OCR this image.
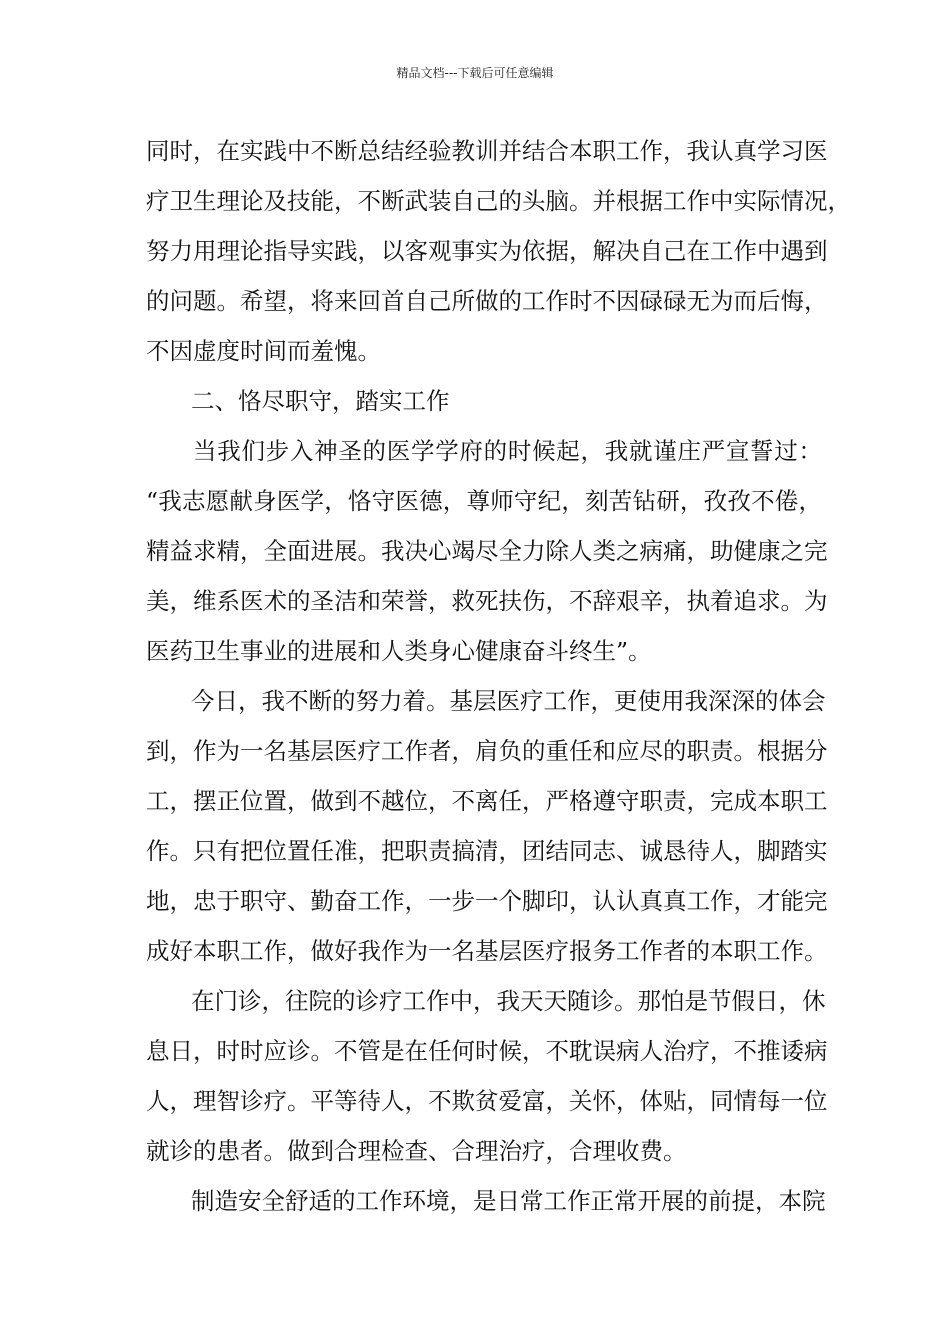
精品文档---下载后可任意编辑
同时，在实践中不断总结经验教训并结合本职工作，我认真学习医
疗卫生理论及技能，不断武装自己的头脑。并根据工作中实际情况，
努力用理论指导实践，以客观事实为依据，解决自己在工作中遇到
的问题。希望，将来回首自己所做的工作时不因碌碌无为而后悔，
不因虚度时间而羞愧。
二、恪尽职守，踏实工作
当我们步入神圣的医学学府的时候起，我就谨庄严宣誓过：
“我志愿献身医学，恪守医德，尊师守纪，刻苦钻研，孜孜不倦，
精益求精，全面进展。我决心竭尽全力除人类之病痛，助健康之完
美，维系医术的圣洁和荣誉，救死扶伤，不辞艰辛，执着追求。为
医药卫生事业的进展和人类身心健康奋斗终生”。
今日，我不断的努力着。基层医疗工作，更使用我深深的体会
到，作为一名基层医疗工作者，肩负的重任和应尽的职责。根据分
工，摆正位置，做到不越位，不离任，严格遵守职责，完成本职工
作。只有把位置任准，把职责搞清，团结同志、诚恳待人，脚踏实
地，忠于职守、勤奋工作，一步一个脚印，认认真真工作，才能完
成好本职工作，做好我作为一名基层医疗报务工作者的本职工作。
在门诊，往院的诊疗工作中，我天天随诊。那怕是节假日，休
息日，时时应诊。不管是在任何时候，不耽误病人治疗，不推诿病
人，理智诊疗。平等待人，不欺贫爱富，关怀，体贴，同情每一位
就诊的患者。做到合理检查、合理治疗，合理收费。
制造安全舒适的工作环境，是日常工作正常开展的前提，本院
